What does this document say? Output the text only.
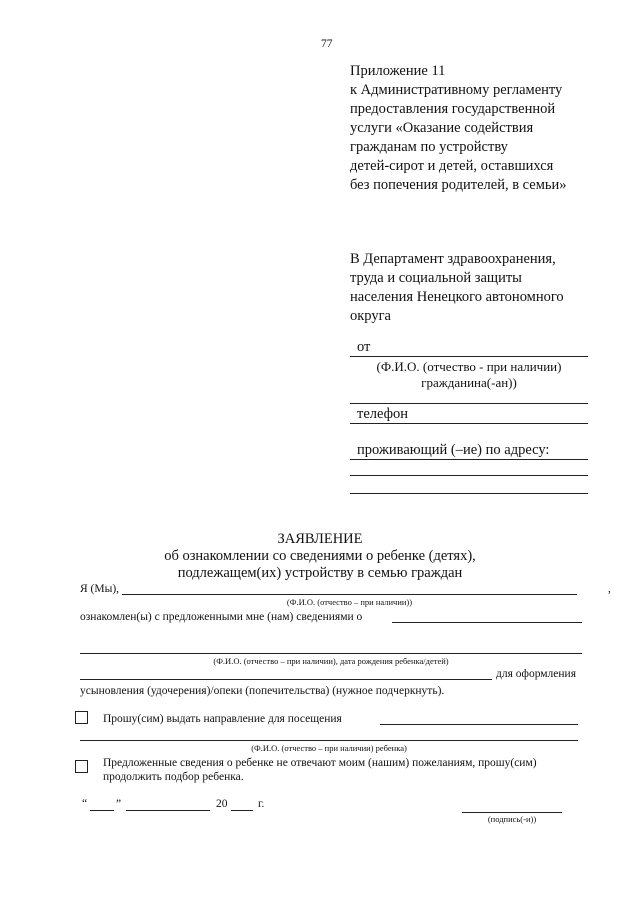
77
Приложение 11
к Административному регламенту
предоставления государственной
услуги «Оказание содействия
гражданам по устройству
детей-сирот и детей, оставшихся
без попечения родителей, в семьи»
В Департамент здравоохранения,
труда и социальной защиты
населения Ненецкого автономного
округа
от
(Ф.И.О. (отчество - при наличии)
гражданина(-ан))
телефон
проживающий (–ие) по адресу:
ЗАЯВЛЕНИЕ
об ознакомлении со сведениями о ребенке (детях),
подлежащем(их) устройству в семью граждан
Я (Мы),	,
(Ф.И.О. (отчество – при наличии))
ознакомлен(ы) с предложенными мне (нам) сведениями о
(Ф.И.О. (отчество – при наличии), дата рождения ребенка/детей)
для оформления
усыновления (удочерения)/опеки (попечительства) (нужное подчеркнуть).
Прошу(сим) выдать направление для посещения
(Ф.И.О. (отчество – при наличии) ребенка)
Предложенные сведения о ребенке не отвечают моим (нашим) пожеланиям, прошу(сим)
продолжить подбор ребенка.
“	”	20	г.
(подпись(-и))
